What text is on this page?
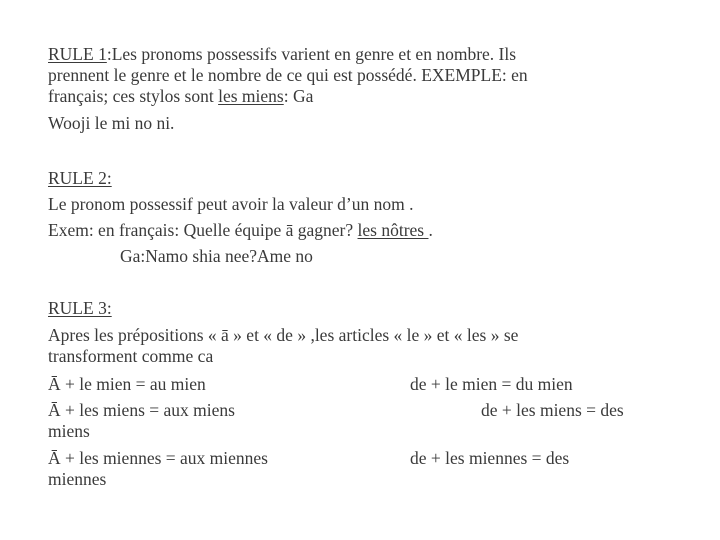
RULE 1:Les pronoms possessifs varient en genre et en nombre. Ils

prennent le genre et le nombre de ce qui est possédé. EXEMPLE: en

français; ces stylos sont les miens: Ga

Wooji le mi no ni.

RULE 2:

Le pronom possessif peut avoir la valeur d’un nom .

Exem: en français: Quelle équipe ā gagner? les nôtres .

Ga:Namo shia nee?Ame no

RULE 3:

Apres les prépositions « ā » et « de » ,les articles « le » et « les » se

transforment comme ca

Ā + le mien = au mien	de + le mien = du mien

Ā + les miens = aux miens	de + les miens = des

miens

Ā + les miennes = aux miennes	de + les miennes = des

miennes
